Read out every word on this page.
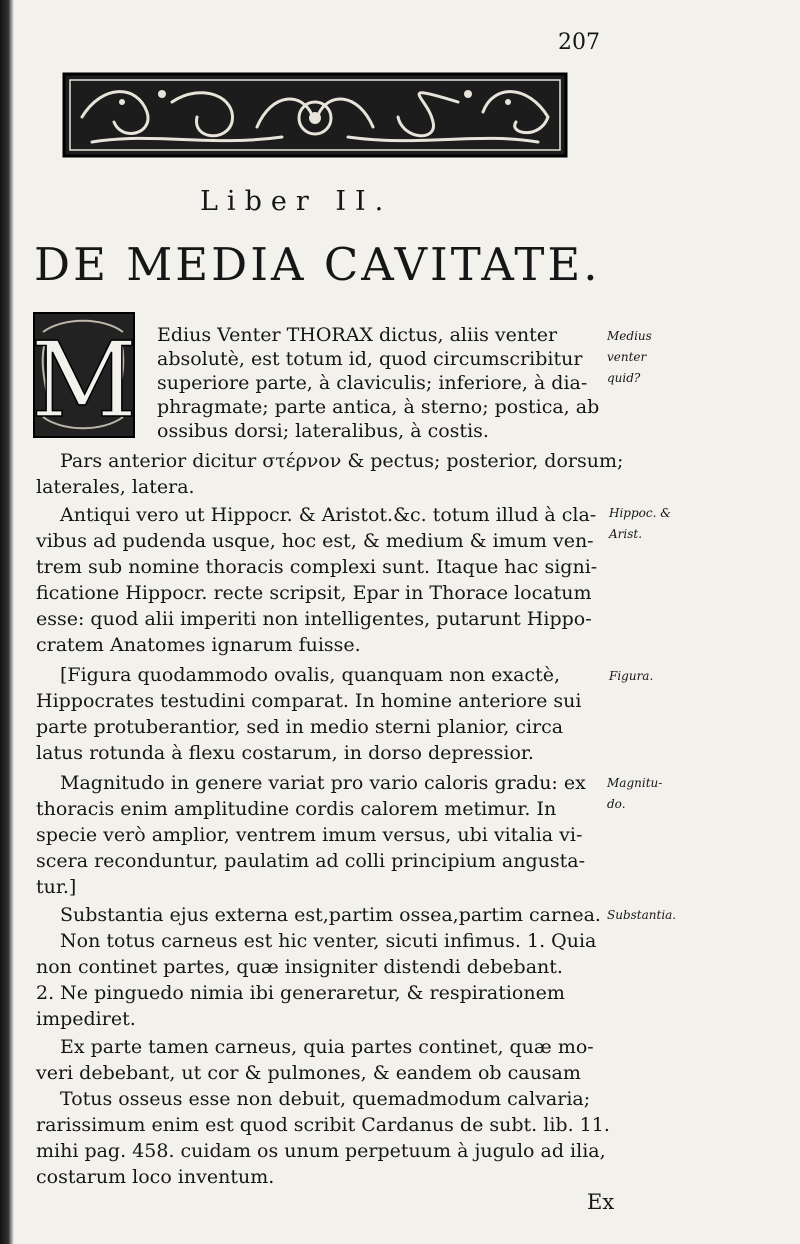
207
Liber II.
DE MEDIA CAVITATE.
M Edius Venter THORAX dictus, aliis venter
absolutè, est totum id, quod circumscribitur
superiore parte, à claviculis; inferiore, à dia-
phragmate; parte antica, à sterno; postica, ab
ossibus dorsi; lateralibus, à costis.
Pars anterior dicitur στέρνον & pectus; posterior, dorsum;
laterales, latera.
Antiqui vero ut Hippocr. & Aristot.&c. totum illud à cla-
vibus ad pudenda usque, hoc est, & medium & imum ven-
trem sub nomine thoracis complexi sunt. Itaque hac signi-
ficatione Hippocr. recte scripsit, Epar in Thorace locatum
esse: quod alii imperiti non intelligentes, putarunt Hippo-
cratem Anatomes ignarum fuisse.
[Figura quodammodo ovalis, quanquam non exactè,
Hippocrates testudini comparat. In homine anteriore sui
parte protuberantior, sed in medio sterni planior, circa
latus rotunda à flexu costarum, in dorso depressior.
Magnitudo in genere variat pro vario caloris gradu: ex
thoracis enim amplitudine cordis calorem metimur. In
specie verò amplior, ventrem imum versus, ubi vitalia vi-
scera reconduntur, paulatim ad colli principium angusta-
tur.]
Substantia ejus externa est,partim ossea,partim carnea.
Non totus carneus est hic venter, sicuti infimus. 1. Quia
non continet partes, quæ insigniter distendi debebant.
2. Ne pinguedo nimia ibi generaretur, & respirationem
impediret.
Ex parte tamen carneus, quia partes continet, quæ mo-
veri debebant, ut cor & pulmones, & eandem ob causam
Totus osseus esse non debuit, quemadmodum calvaria;
rarissimum enim est quod scribit Cardanus de subt. lib. 11.
mihi pag. 458. cuidam os unum perpetuum à jugulo ad ilia,
costarum loco inventum.
Medius
venter
quid?
Hippoc. &
Arist.
Figura.
Magnitu-
do.
Substantia.
Ex
